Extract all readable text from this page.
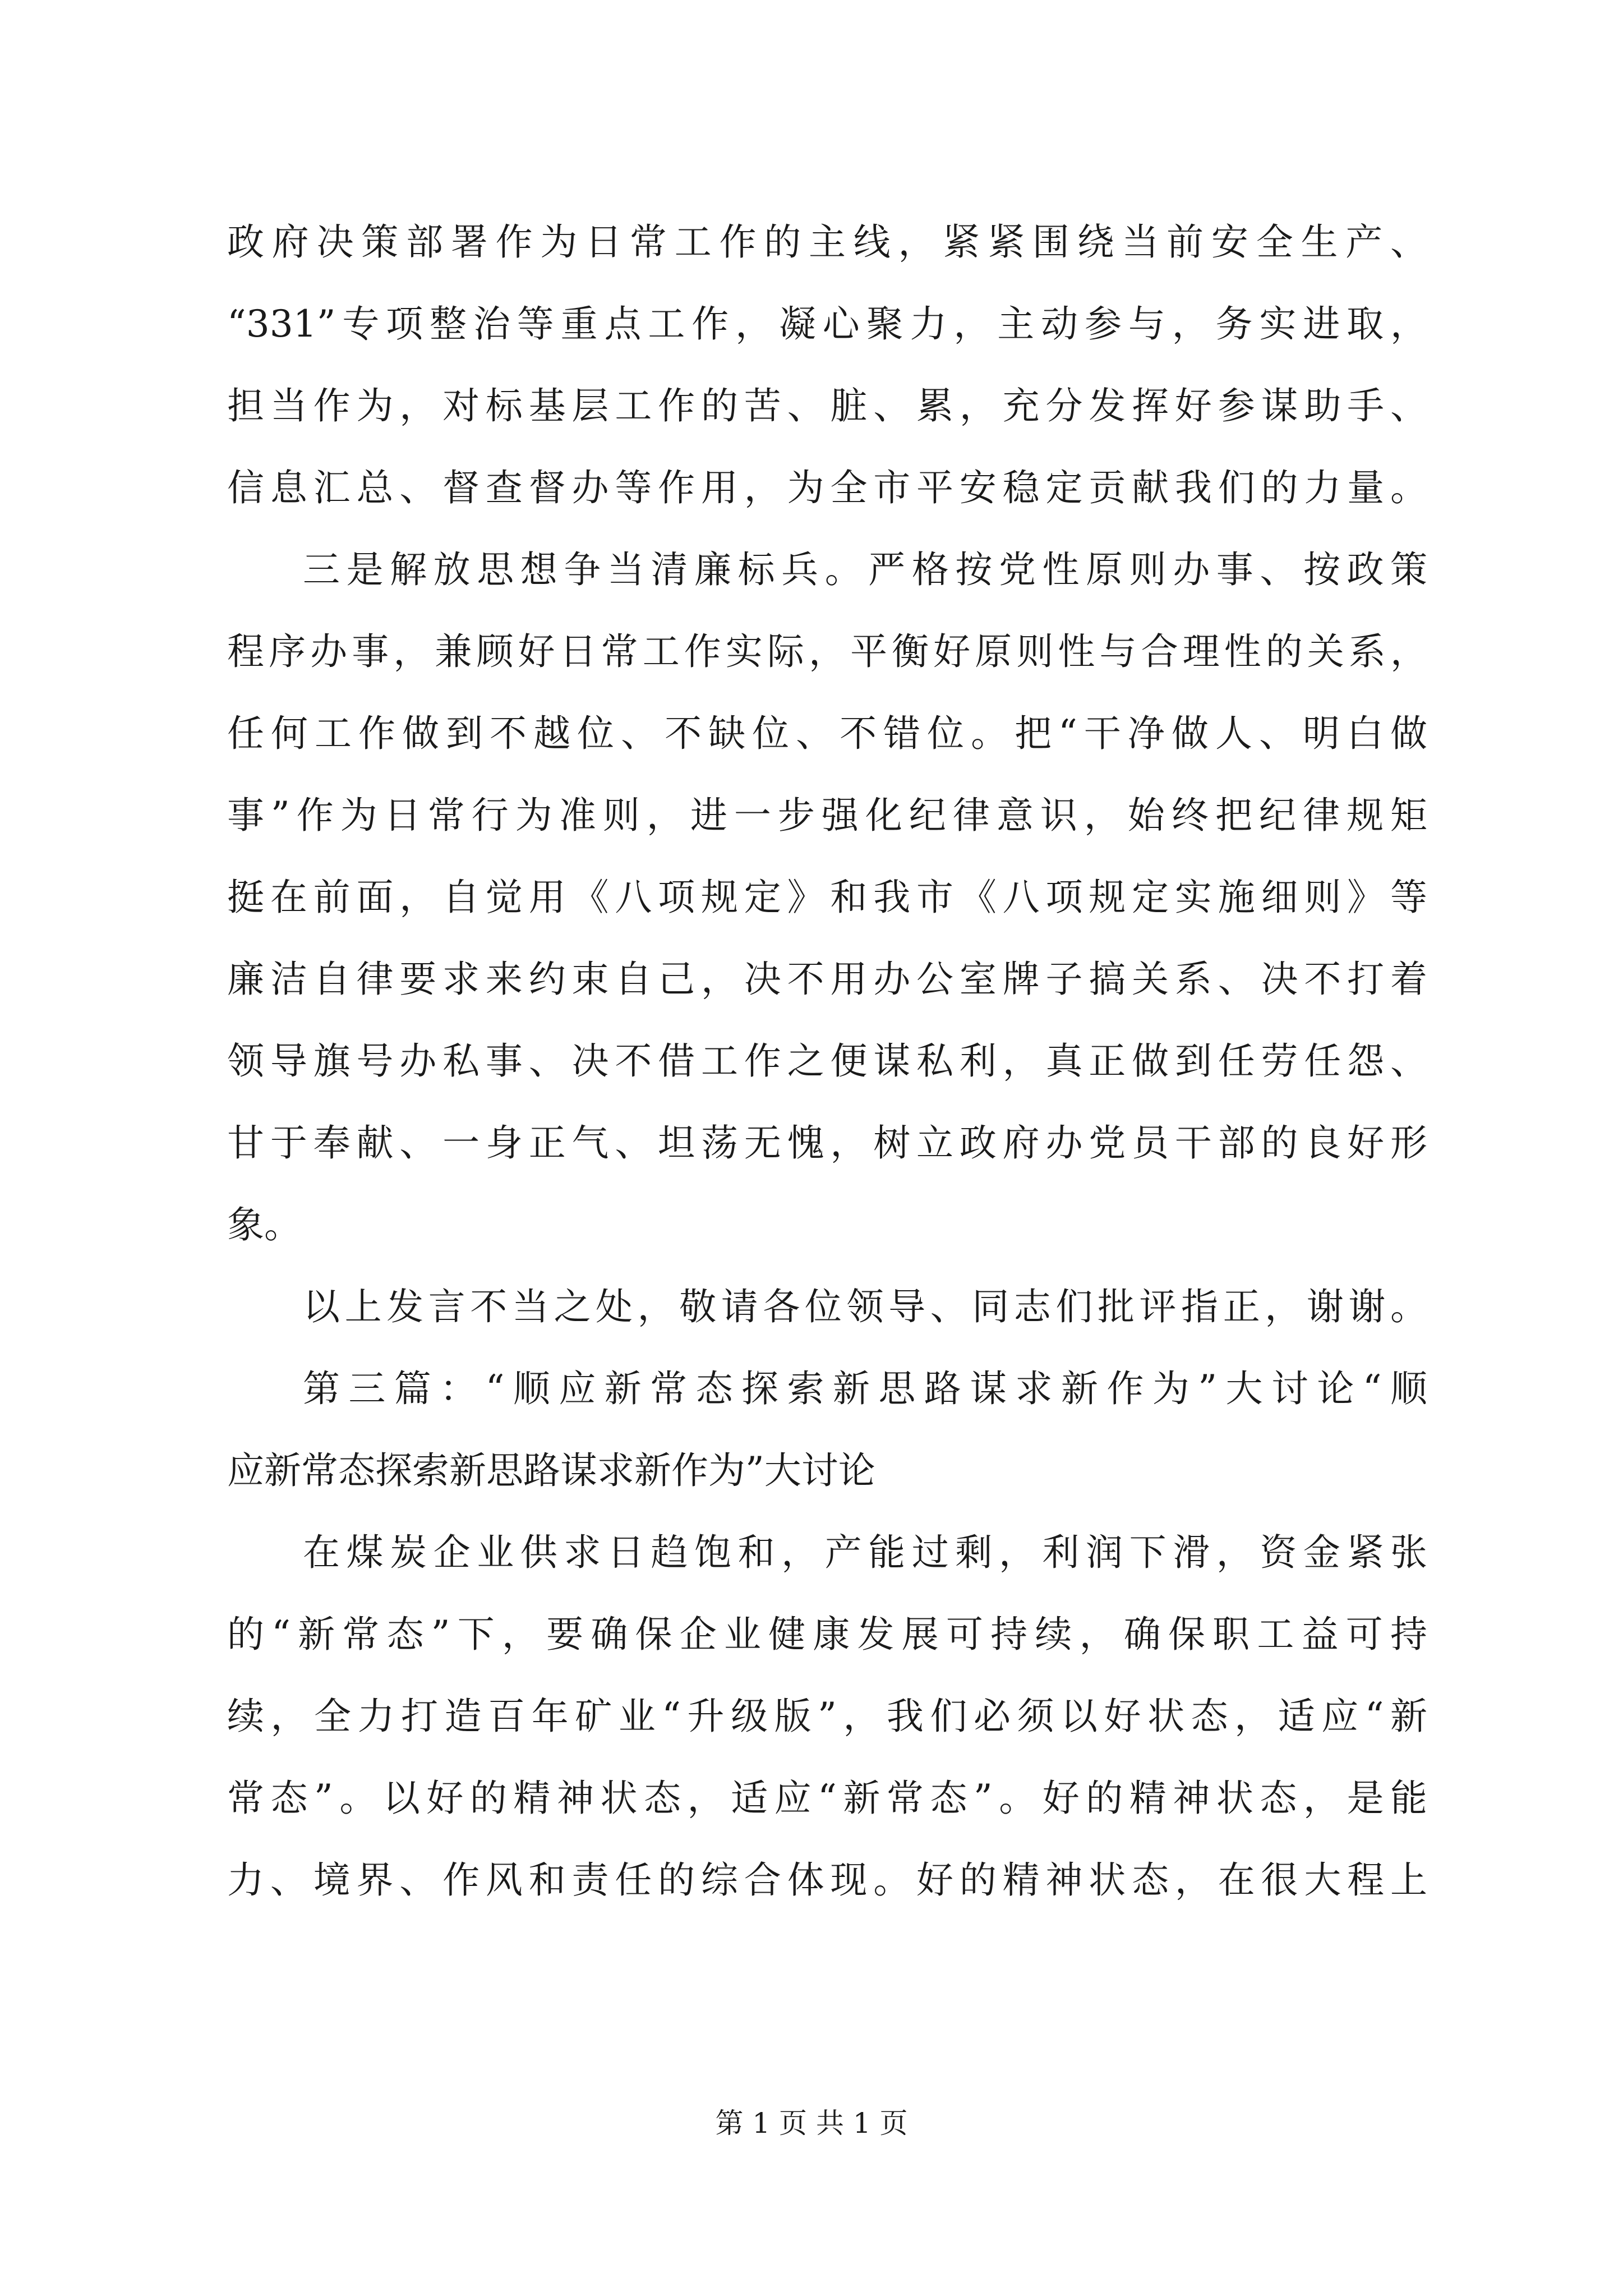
政府决策部署作为日常工作的主线，紧紧围绕当前安全生产、
“331”专项整治等重点工作，凝心聚力，主动参与，务实进取，
担当作为，对标基层工作的苦、脏、累，充分发挥好参谋助手、
信息汇总、督查督办等作用，为全市平安稳定贡献我们的力量。
三是解放思想争当清廉标兵。严格按党性原则办事、按政策
程序办事，兼顾好日常工作实际，平衡好原则性与合理性的关系，
任何工作做到不越位、不缺位、不错位。把“干净做人、明白做
事”作为日常行为准则，进一步强化纪律意识，始终把纪律规矩
挺在前面，自觉用《八项规定》和我市《八项规定实施细则》等
廉洁自律要求来约束自己，决不用办公室牌子搞关系、决不打着
领导旗号办私事、决不借工作之便谋私利，真正做到任劳任怨、
甘于奉献、一身正气、坦荡无愧，树立政府办党员干部的良好形
象。
以上发言不当之处，敬请各位领导、同志们批评指正，谢谢。
第三篇：“顺应新常态探索新思路谋求新作为”大讨论“顺
应新常态探索新思路谋求新作为”大讨论
在煤炭企业供求日趋饱和，产能过剩，利润下滑，资金紧张
的“新常态”下，要确保企业健康发展可持续，确保职工益可持
续，全力打造百年矿业“升级版”，我们必须以好状态，适应“新
常态”。以好的精神状态，适应“新常态”。好的精神状态，是能
力、境界、作风和责任的综合体现。好的精神状态，在很大程上
第 1 页 共 1 页
